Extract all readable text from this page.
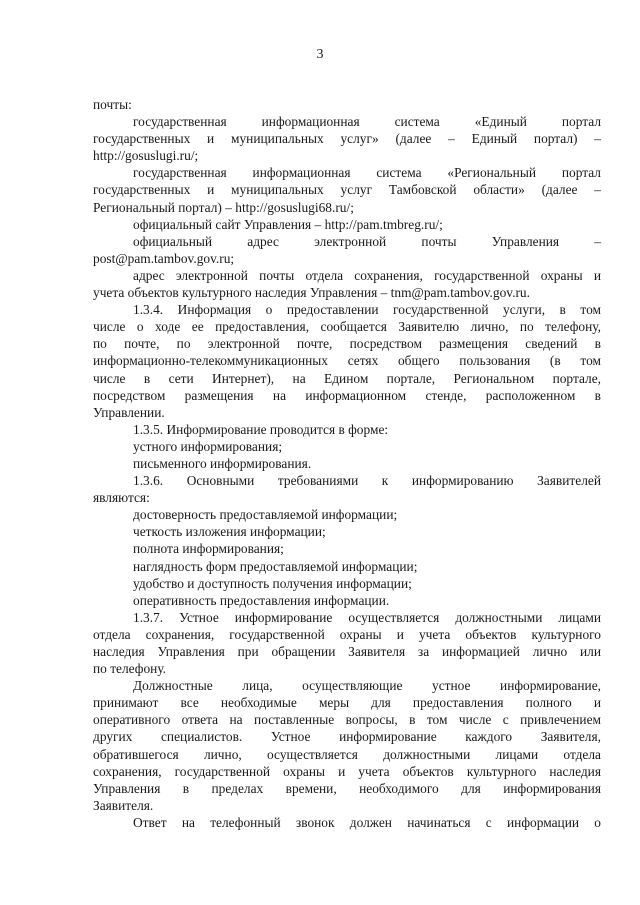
3
почты:
государственная информационная система «Единый портал
государственных и муниципальных услуг» (далее – Единый портал) –
http://gosuslugi.ru/;
государственная информационная система «Региональный портал
государственных и муниципальных услуг Тамбовской области» (далее –
Региональный портал) – http://gosuslugi68.ru/;
официальный сайт Управления – http://pam.tmbreg.ru/;
официальный адрес электронной почты Управления –
post@pam.tambov.gov.ru;
адрес электронной почты отдела сохранения, государственной охраны и
учета объектов культурного наследия Управления – tnm@pam.tambov.gov.ru.
1.3.4. Информация о предоставлении государственной услуги, в том
числе о ходе ее предоставления, сообщается Заявителю лично, по телефону,
по почте, по электронной почте, посредством размещения сведений в
информационно-телекоммуникационных сетях общего пользования (в том
числе в сети Интернет), на Едином портале, Региональном портале,
посредством размещения на информационном стенде, расположенном в
Управлении.
1.3.5. Информирование проводится в форме:
устного информирования;
письменного информирования.
1.3.6. Основными требованиями к информированию Заявителей
являются:
достоверность предоставляемой информации;
четкость изложения информации;
полнота информирования;
наглядность форм предоставляемой информации;
удобство и доступность получения информации;
оперативность предоставления информации.
1.3.7. Устное информирование осуществляется должностными лицами
отдела сохранения, государственной охраны и учета объектов культурного
наследия Управления при обращении Заявителя за информацией лично или
по телефону.
Должностные лица, осуществляющие устное информирование,
принимают все необходимые меры для предоставления полного и
оперативного ответа на поставленные вопросы, в том числе с привлечением
других специалистов. Устное информирование каждого Заявителя,
обратившегося лично, осуществляется должностными лицами отдела
сохранения, государственной охраны и учета объектов культурного наследия
Управления в пределах времени, необходимого для информирования
Заявителя.
Ответ на телефонный звонок должен начинаться с информации о
